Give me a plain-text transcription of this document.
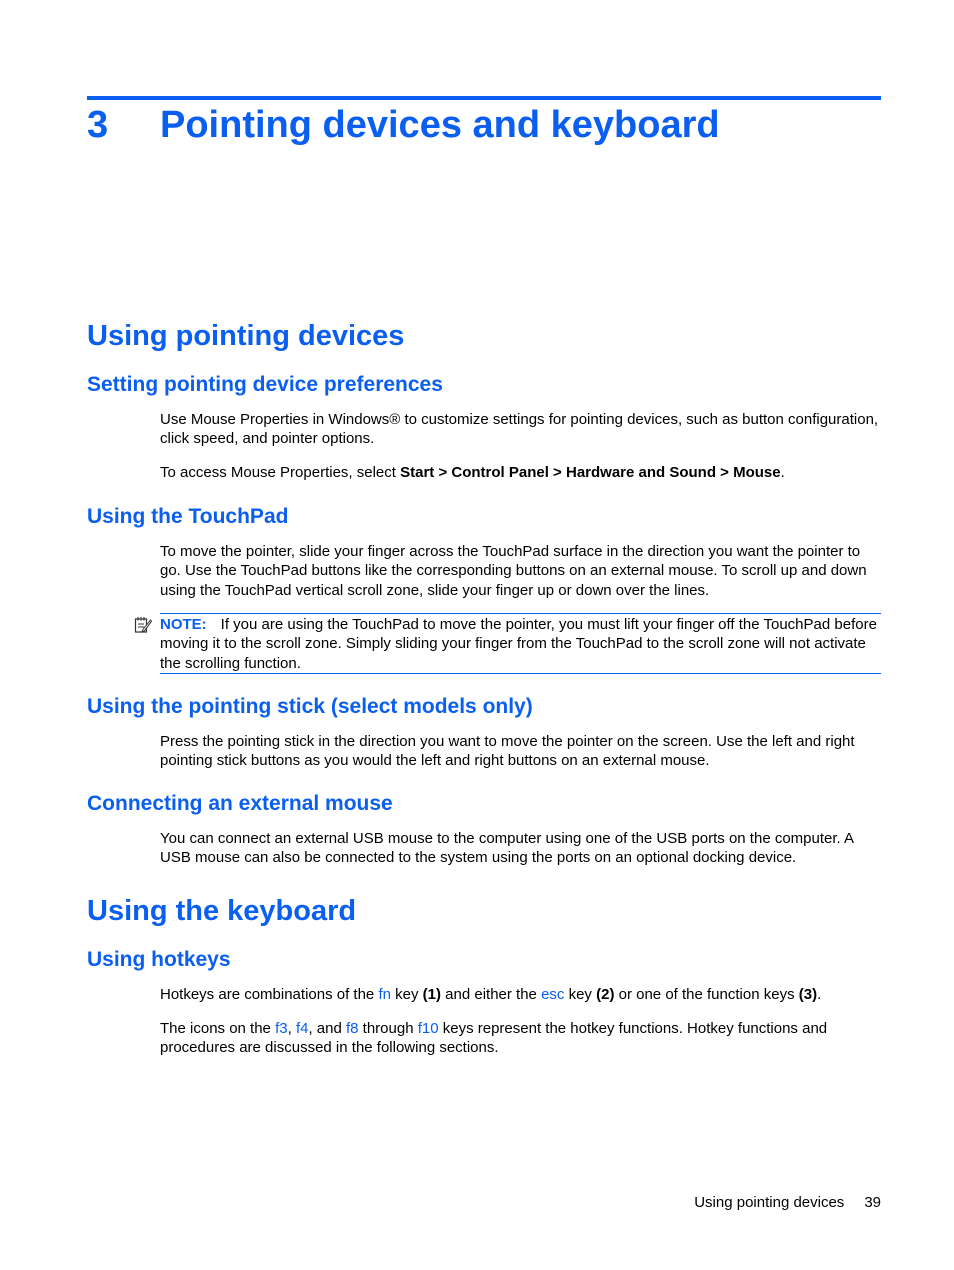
3 Pointing devices and keyboard
Using pointing devices
Setting pointing device preferences
Use Mouse Properties in Windows® to customize settings for pointing devices, such as button configuration, click speed, and pointer options.
To access Mouse Properties, select Start > Control Panel > Hardware and Sound > Mouse.
Using the TouchPad
To move the pointer, slide your finger across the TouchPad surface in the direction you want the pointer to go. Use the TouchPad buttons like the corresponding buttons on an external mouse. To scroll up and down using the TouchPad vertical scroll zone, slide your finger up or down over the lines.
NOTE: If you are using the TouchPad to move the pointer, you must lift your finger off the TouchPad before moving it to the scroll zone. Simply sliding your finger from the TouchPad to the scroll zone will not activate the scrolling function.
Using the pointing stick (select models only)
Press the pointing stick in the direction you want to move the pointer on the screen. Use the left and right pointing stick buttons as you would the left and right buttons on an external mouse.
Connecting an external mouse
You can connect an external USB mouse to the computer using one of the USB ports on the computer. A USB mouse can also be connected to the system using the ports on an optional docking device.
Using the keyboard
Using hotkeys
Hotkeys are combinations of the fn key (1) and either the esc key (2) or one of the function keys (3).
The icons on the f3, f4, and f8 through f10 keys represent the hotkey functions. Hotkey functions and procedures are discussed in the following sections.
Using pointing devices 39
